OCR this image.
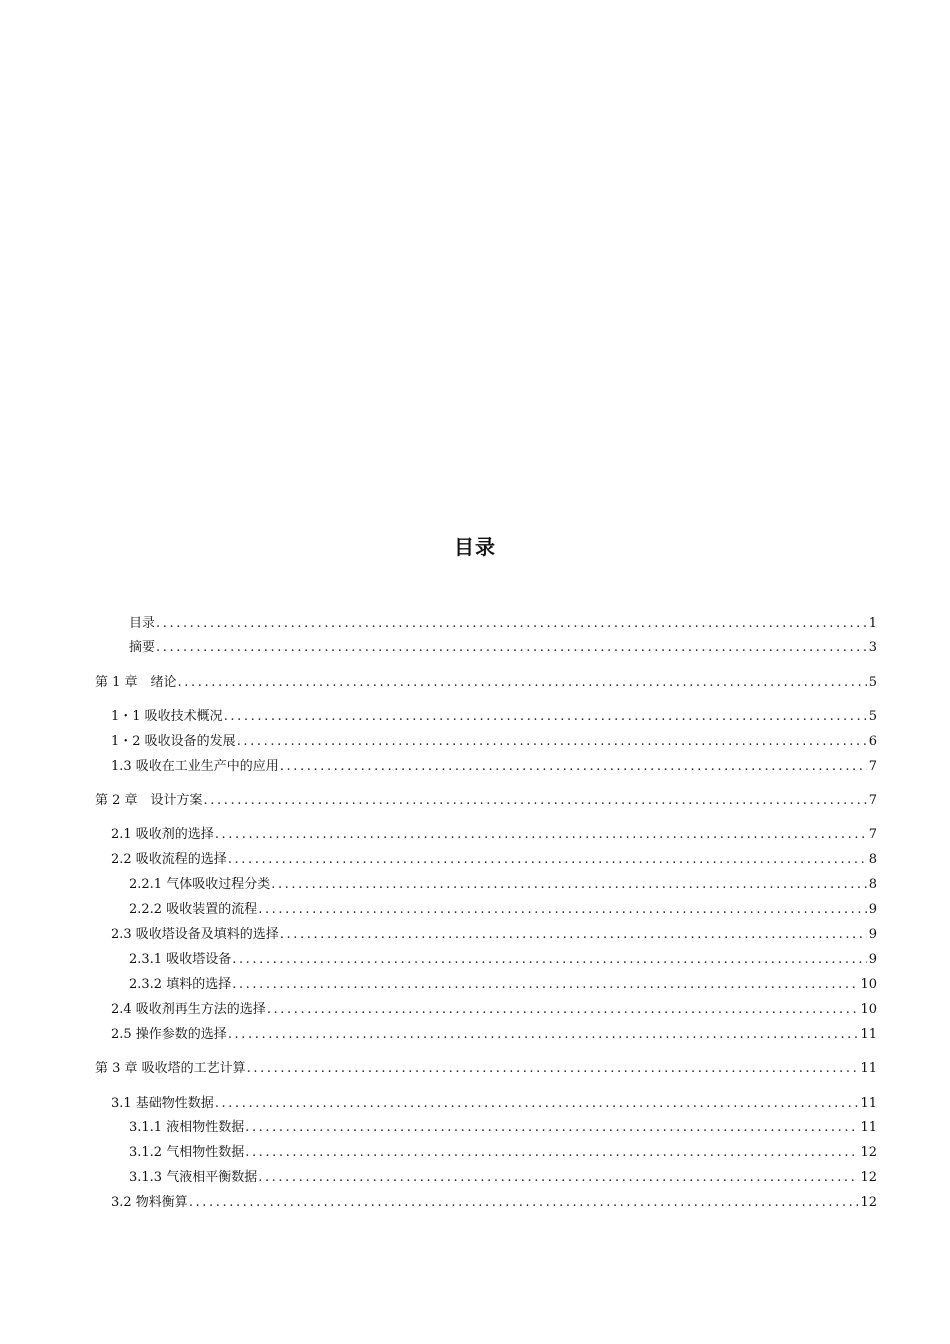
目录
目录 .....	1
摘要 .....	3
第 1 章　绪论 .....	5
1・1 吸收技术概况 .....	5
1・2 吸收设备的发展 .....	6
1.3 吸收在工业生产中的应用 .....	7
第 2 章　设计方案 .....	7
2.1 吸收剂的选择 .....	7
2.2 吸收流程的选择 .....	8
2.2.1 气体吸收过程分类 .....	8
2.2.2 吸收装置的流程 .....	9
2.3 吸收塔设备及填料的选择 .....	9
2.3.1 吸收塔设备 .....	9
2.3.2 填料的选择 .....	10
2.4 吸收剂再生方法的选择 .....	10
2.5 操作参数的选择 .....	11
第 3 章 吸收塔的工艺计算 .....	11
3.1 基础物性数据 .....	11
3.1.1 液相物性数据 .....	11
3.1.2 气相物性数据 .....	12
3.1.3 气液相平衡数据 .....	12
3.2 物料衡算 .....	12
